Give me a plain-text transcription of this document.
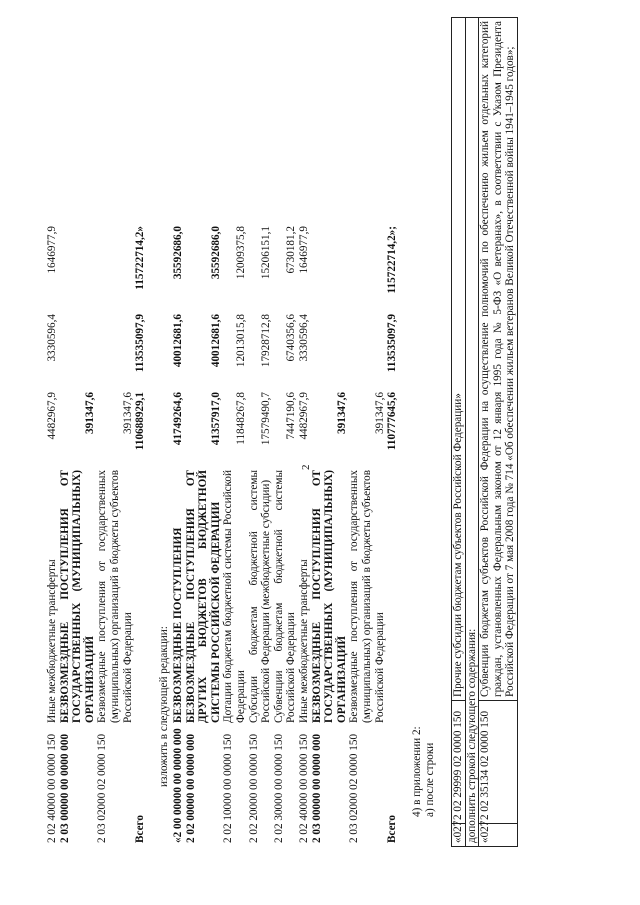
2
2 02 40000 00 0000 150	Иные межбюджетные трансферты	4482967,9	3330596,4	1646977,9
2 03 00000 00 0000 000	БЕЗВОЗМЕЗДНЫЕ ПОСТУПЛЕНИЯ ОТ ГОСУДАРСТВЕННЫХ (МУНИЦИПАЛЬНЫХ) ОРГАНИЗАЦИЙ	391347,6		
2 03 02000 02 0000 150	Безвозмездные поступления от государственных (муниципальных) организаций в бюджеты субъектов Российской Федерации	391347,6		
Всего		110688929,1	113535097,9	115722714,2»
изложить в следующей редакции: «2 00 00000 00 0000 000	БЕЗВОЗМЕЗДНЫЕ ПОСТУПЛЕНИЯ	41749264,6	40012681,6	35592686,0
2 02 00000 00 0000 000	БЕЗВОЗМЕЗДНЫЕ ПОСТУПЛЕНИЯ ОТ ДРУГИХ БЮДЖЕТОВ БЮДЖЕТНОЙ СИСТЕМЫ РОССИЙСКОЙ ФЕДЕРАЦИИ	41357917,0	40012681,6	35592686,0
2 02 10000 00 0000 150	Дотации бюджетам бюджетной системы Российской Федерации	11848267,8	12013015,8	12009375,8
2 02 20000 00 0000 150	Субсидии бюджетам бюджетной системы Российской Федерации (межбюджетные субсидии)	17579490,7	17928712,8	15206151,1
2 02 30000 00 0000 150	Субвенции бюджетам бюджетной системы Российской Федерации	7447190,6	6740356,6	6730181,2
2 02 40000 00 0000 150	Иные межбюджетные трансферты	4482967,9	3330596,4	1646977,9
2 03 00000 00 0000 000	БЕЗВОЗМЕЗДНЫЕ ПОСТУПЛЕНИЯ ОТ ГОСУДАРСТВЕННЫХ (МУНИЦИПАЛЬНЫХ) ОРГАНИЗАЦИЙ	391347,6		
2 03 02000 02 0000 150	Безвозмездные поступления от государственных (муниципальных) организаций в бюджеты субъектов Российской Федерации	391347,6		
Всего		110777645,6	113535097,9	115722714,2»;
4) в приложении 2: а) после строки
«027	2 02 29999 02 0000 150	Прочие субсидии бюджетам субъектов Российской Федерации»
дополнить строкой следующего содержания:		
«027	2 02 35134 02 0000 150	Субвенции бюджетам субъектов Российской Федерации на осуществление полномочий по обеспечению жильем отдельных категорий граждан, установленных Федеральным законом от 12 января 1995 года № 5-ФЗ «О ветеранах», в соответствии с Указом Президента Российской Федерации от 7 мая 2008 года № 714 «Об обеспечении жильем ветеранов Великой Отечественной войны 1941–1945 годов»;
